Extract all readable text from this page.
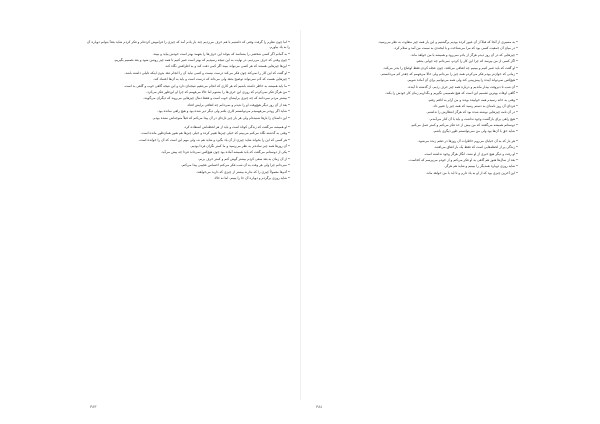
• به مسیری از آنجا که قبلاً از آن عبور کرده بودیم برگشتیم و این بار همه چیز متفاوت به نظر می‌رسید.

• در میان آن جمعیت کسی بود که مرا می‌شناخت و با لبخندی به سمت من آمد و سلام کرد.

• چیزهایی که در آن روز دیدم هرگز از یادم نمی‌رود و همیشه با من خواهد ماند.

• اگر کسی از من بپرسد که چرا این کار را کردم، نمی‌دانم چه جوابی بدهم.

• او گفت که باید صبر کنیم و ببینیم چه اتفاقی می‌افتد، چون عجله کردن فقط اوضاع را بدتر می‌کند.

• زمانی که جوان‌تر بودم فکر می‌کردم همه چیز را می‌دانم ولی حالا می‌فهمم که چقدر کم می‌دانستم.

• هیچ‌کس نمی‌تواند آینده را پیش‌بینی کند ولی همه می‌توانیم برای آن آماده شویم.

• آن شب تا دیروقت بیدار ماندیم و درباره همه چیز حرف زدیم، از گذشته تا آینده.

• گاهی اوقات بهترین تصمیم این است که هیچ تصمیمی نگیریم و بگذاریم زمان کار خودش را بکند.

• وقتی به خانه رسیدم همه خوابیده بودند و من آرام به اتاقم رفتم.

• فردای آن روز نامه‌ای به دستم رسید که همه چیز را تغییر داد.

• در آن نامه چیزهایی نوشته شده بود که هرگز انتظارش را نداشتم.

• هیچ راهی برای بازگشت وجود نداشت و باید با آن کنار می‌آمدم.

• دوستانم همیشه می‌گفتند که من بیش از حد فکر می‌کنم و کمتر عمل می‌کنم.

• شاید حق با آن‌ها بود ولی من نمی‌توانستم طور دیگری باشم.

• هر بار که به آن خیابان می‌روم خاطرات آن روزها در ذهنم زنده می‌شود.

• زندگی پر از لحظه‌هایی است که فقط یک بار اتفاق می‌افتند.

• او رفت و دیگر هیچ خبری از او نشد، انگار هرگز وجود نداشته است.

• بعد از سال‌ها هنوز هم گاهی به او فکر می‌کنم و از خودم می‌پرسم که کجاست.

• شاید روزی دوباره همدیگر را ببینیم و شاید هم هرگز.

• این آخرین چیزی بود که از او به یاد دارم و تا ابد با من خواهد ماند.

• اما چون نظرم را گرفت وقتی که داشتیم با هم حرف می‌زدیم چند بار یادم آمد که چیزی را فراموش کرده‌ام و فکر کردم شاید بعداً بتوانم دوباره آن را به یاد بیاورم.

• به گمانم اگر کسی شخصی را بشناسد که بتواند این حرف‌ها را بفهمد بهتر است خودش بیاید و ببیند.

• چون وقتی که حرف می‌زدیم، در نهایت به این نتیجه رسیدیم که بهتر است صبر کنیم تا همه چیز روشن شود و بعد تصمیم بگیریم.

• این‌ها چیزهایی هستند که هر کسی می‌تواند ببیند اگر کمی دقت کند و به اطرافش نگاه کند.

• او گفت که این کار را نمی‌کند چون فکر می‌کند درست نیست و کسی نباید آن را انجام دهد بدون اینکه دلیلی داشته باشد.

• چیزهایی هست که آدم نمی‌تواند توضیح بدهد ولی می‌داند که درست است و باید به آن‌ها اعتماد کند.

• ما باید همیشه به خاطر داشته باشیم که هر کاری که انجام می‌دهیم نتیجه‌ای دارد و این نتیجه گاهی خوب و گاهی بد است.

• من هرگز فکر نمی‌کردم که روزی این حرف‌ها را بشنوم اما حالا می‌فهمم که چرا او این‌طور فکر می‌کرد.

• بیشتر مردم نمی‌دانند که چه چیزی برایشان خوب است و فقط دنبال چیزهایی می‌روند که دیگران می‌گویند.

• بعد از آن روز دیگر هیچ‌وقت او را ندیدم و نمی‌دانم چه اتفاقی برایش افتاد.

• شاید اگر زودتر می‌فهمیدم می‌توانستم کاری بکنم ولی دیگر دیر شده بود و هیچ راهی نمانده بود.

• این داستان را بارها شنیده‌ام ولی هر بار چیز تازه‌ای در آن پیدا می‌کنم که قبلاً متوجه‌اش نشده بودم.

• او همیشه می‌گفت که زندگی کوتاه است و باید از هر لحظه‌اش استفاده کرد.

• وقتی به گذشته نگاه می‌کنم می‌بینم که خیلی چیزها تغییر کرده و خیلی چیزها هم هنوز همان‌طور مانده است.

• هر کسی که این را بخواند شاید چیزی از آن یاد بگیرد و شاید هم نه، ولی مهم این است که آن را خوانده است.

• آن روزها همه چیز ساده‌تر به نظر می‌رسید و ما کمتر نگران فردا بودیم.

• یکی از دوستانم می‌گفت که باید همیشه آماده بود چون هیچ‌کس نمی‌داند فردا چه پیش می‌آید.

• از آن زمان به بعد سعی کردم بیشتر گوش کنم و کمتر حرف بزنم.

• نمی‌دانم چرا ولی هر وقت به آن شب فکر می‌کنم احساس عجیبی پیدا می‌کنم.

• آدم‌ها معمولاً چیزی را که ندارند بیشتر از چیزی که دارند می‌خواهند.

• شاید روزی برگردم و دوباره آن جا را ببینم، اما نه حالا.

٣٨٣	٣٨٤
